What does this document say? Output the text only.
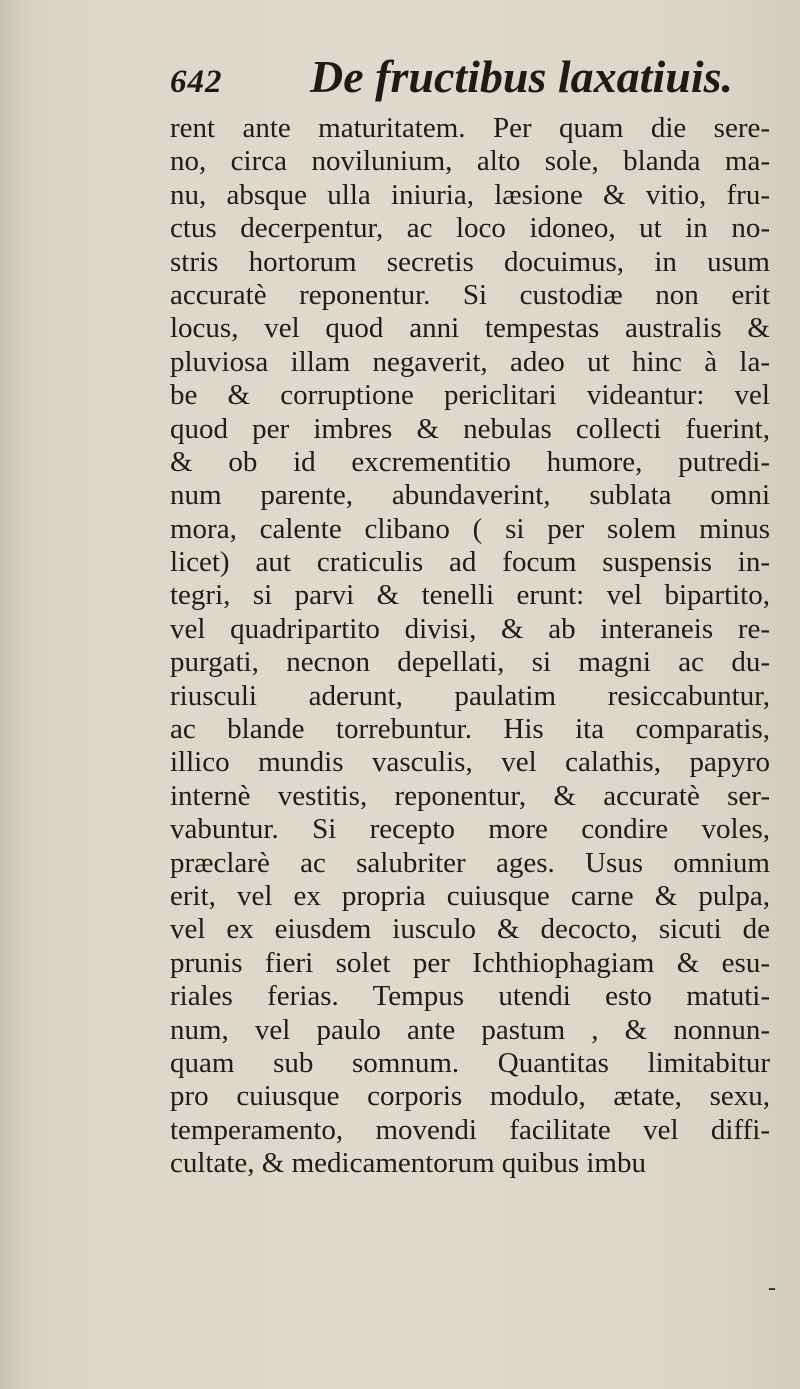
642 De fructibus laxatiuis.
rent ante maturitatem. Per quam die sere-
no, circa novilunium, alto sole, blanda ma-
nu, absque ulla iniuria, læsione & vitio, fru-
ctus decerpentur, ac loco idoneo, ut in no-
stris hortorum secretis docuimus, in usum
accuratè reponentur. Si custodiæ non erit
locus, vel quod anni tempestas australis &
pluviosa illam negaverit, adeo ut hinc à la-
be & corruptione periclitari videantur: vel
quod per imbres & nebulas collecti fuerint,
& ob id excrementitio humore, putredi-
num parente, abundaverint, sublata omni
mora, calente clibano ( si per solem minus
licet) aut craticulis ad focum suspensis in-
tegri, si parvi & tenelli erunt: vel bipartito,
vel quadripartito divisi, & ab interaneis re-
purgati, necnon depellati, si magni ac du-
riusculi aderunt, paulatim resiccabuntur,
ac blande torrebuntur. His ita comparatis,
illico mundis vasculis, vel calathis, papyro
internè vestitis, reponentur, & accuratè ser-
vabuntur. Si recepto more condire voles,
præclarè ac salubriter ages. Usus omnium
erit, vel ex propria cuiusque carne & pulpa,
vel ex eiusdem iusculo & decocto, sicuti de
prunis fieri solet per Ichthiophagiam & esu-
riales ferias. Tempus utendi esto matuti-
num, vel paulo ante pastum , & nonnun-
quam sub somnum. Quantitas limitabitur
pro cuiusque corporis modulo, ætate, sexu,
temperamento, movendi facilitate vel diffi-
cultate, & medicamentorum quibus imbu
-
